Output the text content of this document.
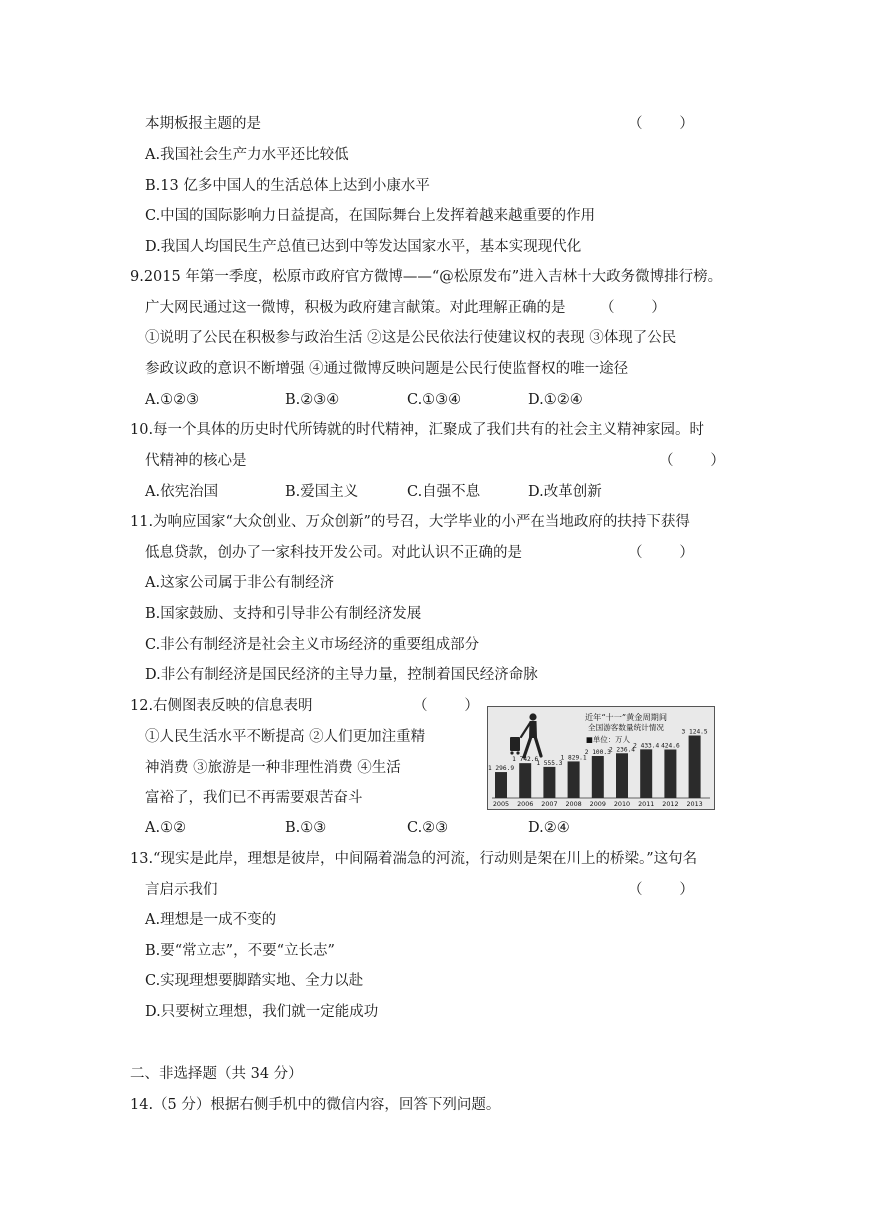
本期板报主题的是	（        ）
A.我国社会生产力水平还比较低
B.13 亿多中国人的生活总体上达到小康水平
C.中国的国际影响力日益提高，在国际舞台上发挥着越来越重要的作用
D.我国人均国民生产总值已达到中等发达国家水平，基本实现现代化
9.2015 年第一季度，松原市政府官方微博——“@松原发布”进入吉林十大政务微博排行榜。
广大网民通过这一微博，积极为政府建言献策。对此理解正确的是 （        ）
①说明了公民在积极参与政治生活 ②这是公民依法行使建议权的表现 ③体现了公民
参政议政的意识不断增强 ④通过微博反映问题是公民行使监督权的唯一途径
A.①②③	B.②③④	C.①③④	D.①②④
10.每一个具体的历史时代所铸就的时代精神，汇聚成了我们共有的社会主义精神家园。时
代精神的核心是	（        ）
A.依宪治国	B.爱国主义	C.自强不息	D.改革创新
11.为响应国家“大众创业、万众创新”的号召，大学毕业的小严在当地政府的扶持下获得
低息贷款，创办了一家科技开发公司。对此认识不正确的是	（        ）
A.这家公司属于非公有制经济
B.国家鼓励、支持和引导非公有制经济发展
C.非公有制经济是社会主义市场经济的重要组成部分
D.非公有制经济是国民经济的主导力量，控制着国民经济命脉
12.右侧图表反映的信息表明	（        ）
①人民生活水平不断提高 ②人们更加注重精
神消费 ③旅游是一种非理性消费 ④生活
富裕了，我们已不再需要艰苦奋斗
A.①②	B.①③	C.②③	D.②④
近年“十一”黄金周期间
全国游客数量统计情况
■单位：万人
1 296.9
2005
1 742.6
2006
1 555.3
2007
1 829.1
2008
2 100.3
2009
2 236.4
2010
2 433.4
2011
424.6
2012
3 124.5
2013
13.“现实是此岸，理想是彼岸，中间隔着湍急的河流，行动则是架在川上的桥梁。”这句名
言启示我们	（        ）
A.理想是一成不变的
B.要“常立志”，不要“立长志”
C.实现理想要脚踏实地、全力以赴
D.只要树立理想，我们就一定能成功
二、非选择题（共 34 分）
14.（5 分）根据右侧手机中的微信内容，回答下列问题。
